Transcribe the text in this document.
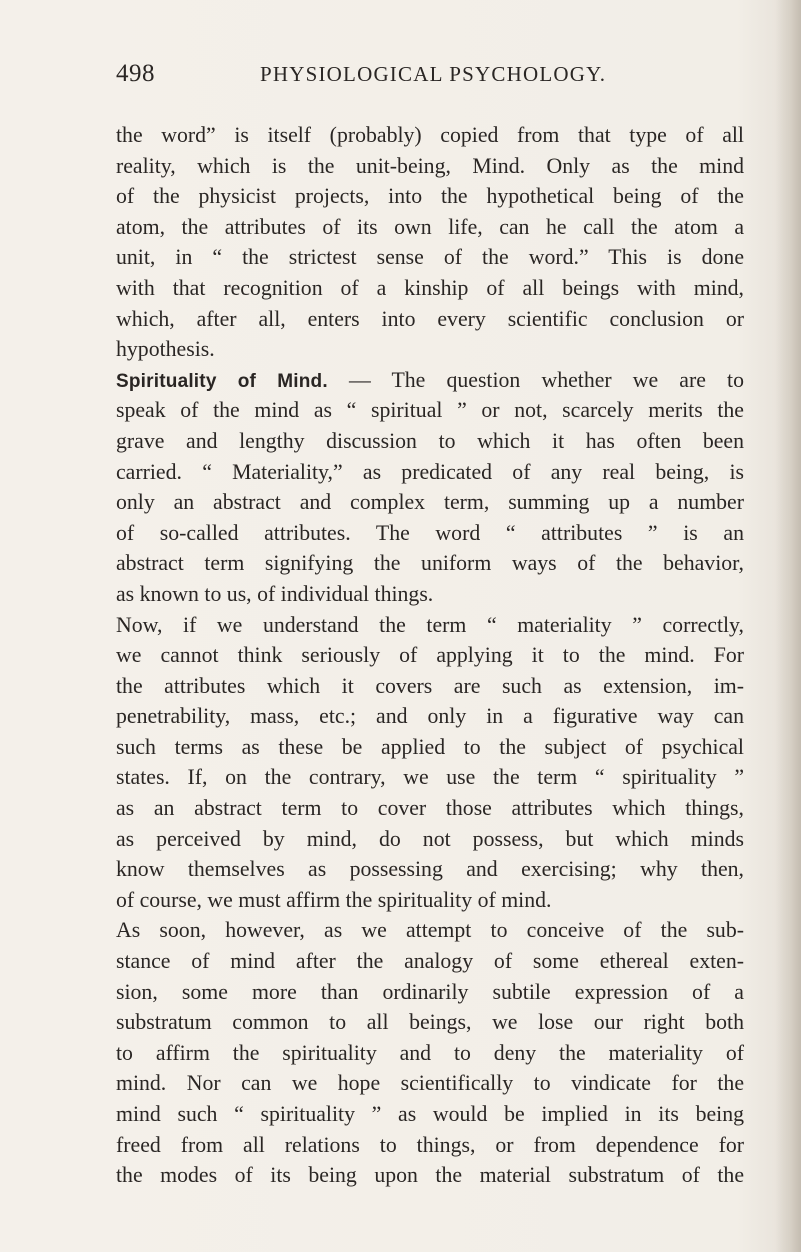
498	PHYSIOLOGICAL PSYCHOLOGY.
the word” is itself (probably) copied from that type of all
reality, which is the unit-being, Mind. Only as the mind
of the physicist projects, into the hypothetical being of the
atom, the attributes of its own life, can he call the atom a
unit, in “ the strictest sense of the word.” This is done
with that recognition of a kinship of all beings with mind,
which, after all, enters into every scientific conclusion or
hypothesis.
Spirituality of Mind. — The question whether we are to
speak of the mind as “ spiritual ” or not, scarcely merits the
grave and lengthy discussion to which it has often been
carried. “ Materiality,” as predicated of any real being, is
only an abstract and complex term, summing up a number
of so-called attributes. The word “ attributes ” is an
abstract term signifying the uniform ways of the behavior,
as known to us, of individual things.
Now, if we understand the term “ materiality ” correctly,
we cannot think seriously of applying it to the mind. For
the attributes which it covers are such as extension, im-
penetrability, mass, etc.; and only in a figurative way can
such terms as these be applied to the subject of psychical
states. If, on the contrary, we use the term “ spirituality ”
as an abstract term to cover those attributes which things,
as perceived by mind, do not possess, but which minds
know themselves as possessing and exercising; why then,
of course, we must affirm the spirituality of mind.
As soon, however, as we attempt to conceive of the sub-
stance of mind after the analogy of some ethereal exten-
sion, some more than ordinarily subtile expression of a
substratum common to all beings, we lose our right both
to affirm the spirituality and to deny the materiality of
mind. Nor can we hope scientifically to vindicate for the
mind such “ spirituality ” as would be implied in its being
freed from all relations to things, or from dependence for
the modes of its being upon the material substratum of the
